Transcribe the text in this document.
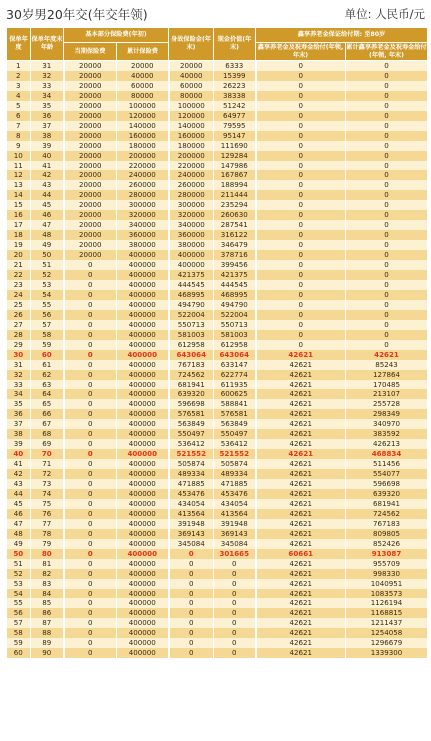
30岁男20年交(年交年领)	单位: 人民币/元
保单年度	保单年度末年龄	基本部分保险费(年初)		身故保险金(年末)	现金价值(年末)	鑫享养老金保证给付期: 至80岁	
		当期保险费	累计保险费			鑫享养老金及祝寿金给付(年领, 年末)	累计鑫享养老金及祝寿金给付(年领, 年末)
1	31	20000	20000	20000	6333	0	0
2	32	20000	40000	40000	15399	0	0
3	33	20000	60000	60000	26223	0	0
4	34	20000	80000	80000	38338	0	0
5	35	20000	100000	100000	51242	0	0
6	36	20000	120000	120000	64977	0	0
7	37	20000	140000	140000	79595	0	0
8	38	20000	160000	160000	95147	0	0
9	39	20000	180000	180000	111690	0	0
10	40	20000	200000	200000	129284	0	0
11	41	20000	220000	220000	147986	0	0
12	42	20000	240000	240000	167867	0	0
13	43	20000	260000	260000	188994	0	0
14	44	20000	280000	280000	211444	0	0
15	45	20000	300000	300000	235294	0	0
16	46	20000	320000	320000	260630	0	0
17	47	20000	340000	340000	287541	0	0
18	48	20000	360000	360000	316122	0	0
19	49	20000	380000	380000	346479	0	0
20	50	20000	400000	400000	378716	0	0
21	51	0	400000	400000	399456	0	0
22	52	0	400000	421375	421375	0	0
23	53	0	400000	444545	444545	0	0
24	54	0	400000	468995	468995	0	0
25	55	0	400000	494790	494790	0	0
26	56	0	400000	522004	522004	0	0
27	57	0	400000	550713	550713	0	0
28	58	0	400000	581003	581003	0	0
29	59	0	400000	612958	612958	0	0
30	60	0	400000	643064	643064	42621	42621
31	61	0	400000	767183	633147	42621	85243
32	62	0	400000	724562	622774	42621	127864
33	63	0	400000	681941	611935	42621	170485
34	64	0	400000	639320	600625	42621	213107
35	65	0	400000	596698	588841	42621	255728
36	66	0	400000	576581	576581	42621	298349
37	67	0	400000	563849	563849	42621	340970
38	68	0	400000	550497	550497	42621	383592
39	69	0	400000	536412	536412	42621	426213
40	70	0	400000	521552	521552	42621	468834
41	71	0	400000	505874	505874	42621	511456
42	72	0	400000	489334	489334	42621	554077
43	73	0	400000	471885	471885	42621	596698
44	74	0	400000	453476	453476	42621	639320
45	75	0	400000	434054	434054	42621	681941
46	76	0	400000	413564	413564	42621	724562
47	77	0	400000	391948	391948	42621	767183
48	78	0	400000	369143	369143	42621	809805
49	79	0	400000	345084	345084	42621	852426
50	80	0	400000	0	301665	60661	913087
51	81	0	400000	0	0	42621	955709
52	82	0	400000	0	0	42621	998330
53	83	0	400000	0	0	42621	1040951
54	84	0	400000	0	0	42621	1083573
55	85	0	400000	0	0	42621	1126194
56	86	0	400000	0	0	42621	1168815
57	87	0	400000	0	0	42621	1211437
58	88	0	400000	0	0	42621	1254058
59	89	0	400000	0	0	42621	1296679
60	90	0	400000	0	0	42621	1339300
